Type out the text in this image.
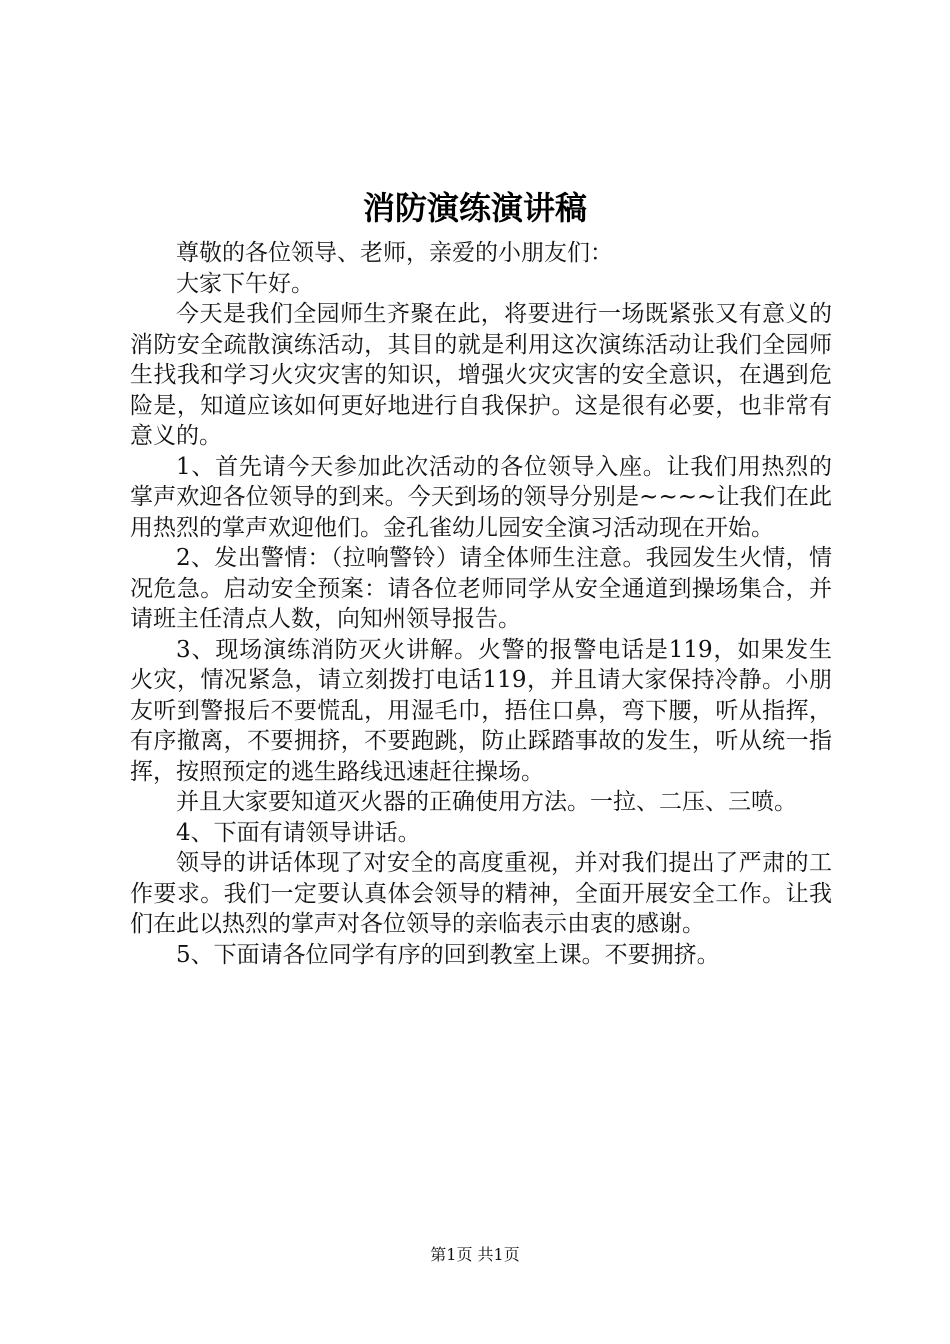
消防演练演讲稿

尊敬的各位领导、老师，亲爱的小朋友们：

大家下午好。

今天是我们全园师生齐聚在此，将要进行一场既紧张又有意义的消防安全疏散演练活动，其目的就是利用这次演练活动让我们全园师生找我和学习火灾灾害的知识，增强火灾灾害的安全意识，在遇到危险是，知道应该如何更好地进行自我保护。这是很有必要，也非常有意义的。

1、首先请今天参加此次活动的各位领导入座。让我们用热烈的掌声欢迎各位领导的到来。今天到场的领导分别是~~~~让我们在此用热烈的掌声欢迎他们。金孔雀幼儿园安全演习活动现在开始。

2、发出警情：（拉响警铃）请全体师生注意。我园发生火情，情况危急。启动安全预案：请各位老师同学从安全通道到操场集合，并请班主任清点人数，向知州领导报告。

3、现场演练消防灭火讲解。火警的报警电话是119，如果发生火灾，情况紧急，请立刻拨打电话119，并且请大家保持冷静。小朋友听到警报后不要慌乱，用湿毛巾，捂住口鼻，弯下腰，听从指挥，有序撤离，不要拥挤，不要跑跳，防止踩踏事故的发生，听从统一指挥，按照预定的逃生路线迅速赶往操场。

并且大家要知道灭火器的正确使用方法。一拉、二压、三喷。

4、下面有请领导讲话。

领导的讲话体现了对安全的高度重视，并对我们提出了严肃的工作要求。我们一定要认真体会领导的精神，全面开展安全工作。让我们在此以热烈的掌声对各位领导的亲临表示由衷的感谢。

5、下面请各位同学有序的回到教室上课。不要拥挤。

第1页 共1页
